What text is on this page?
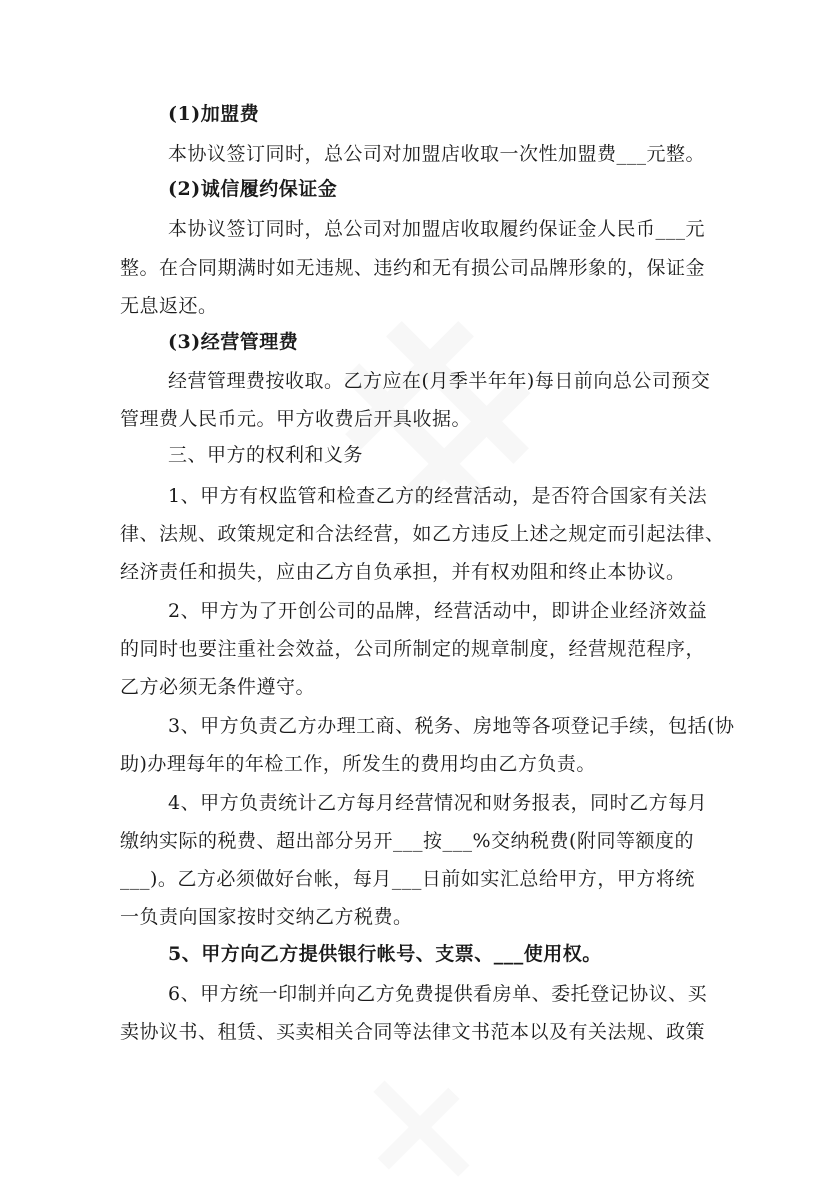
(1)加盟费
本协议签订同时，总公司对加盟店收取一次性加盟费___元整。
(2)诚信履约保证金
本协议签订同时，总公司对加盟店收取履约保证金人民币___元
整。在合同期满时如无违规、违约和无有损公司品牌形象的，保证金
无息返还。
(3)经营管理费
经营管理费按收取。乙方应在(月季半年年)每日前向总公司预交
管理费人民币元。甲方收费后开具收据。
三、甲方的权利和义务
1、甲方有权监管和检查乙方的经营活动，是否符合国家有关法
律、法规、政策规定和合法经营，如乙方违反上述之规定而引起法律、
经济责任和损失，应由乙方自负承担，并有权劝阻和终止本协议。
2、甲方为了开创公司的品牌，经营活动中，即讲企业经济效益
的同时也要注重社会效益，公司所制定的规章制度，经营规范程序，
乙方必须无条件遵守。
3、甲方负责乙方办理工商、税务、房地等各项登记手续，包括(协
助)办理每年的年检工作，所发生的费用均由乙方负责。
4、甲方负责统计乙方每月经营情况和财务报表，同时乙方每月
缴纳实际的税费、超出部分另开___按___%交纳税费(附同等额度的
___)。乙方必须做好台帐，每月___日前如实汇总给甲方，甲方将统
一负责向国家按时交纳乙方税费。
5、甲方向乙方提供银行帐号、支票、___使用权。
6、甲方统一印制并向乙方免费提供看房单、委托登记协议、买
卖协议书、租赁、买卖相关合同等法律文书范本以及有关法规、政策
